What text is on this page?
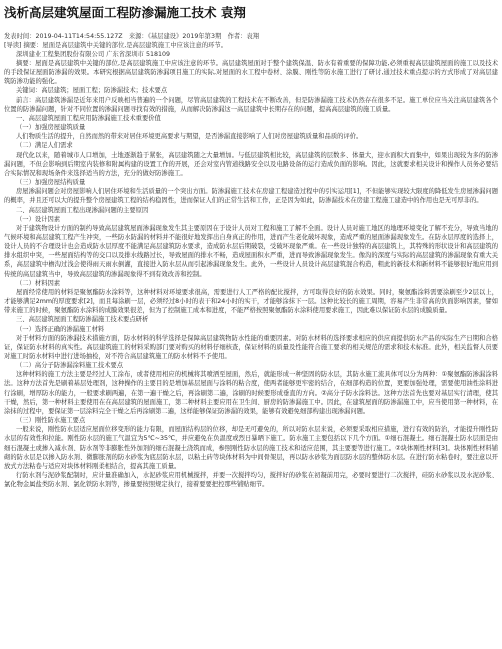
浅析高层建筑屋面工程防渗漏施工技术 袁翔
发表时间：2019-04-11T14:54:55.127Z　来源：《基层建设》2019年第3期　作者：袁翔
[导读] 摘要：屋面是高层建筑中关键的部位,是高层建筑施工中应该注意的环节。
深圳建业工程集团股份有限公司 广东省深圳市 518109
摘要：屋面是高层建筑中关键的部位,是高层建筑施工中应该注意的环节。高层建筑屋面对于整个建筑保温、防水有着重要的保障功能,必须重视高层建筑屋面的施工以及技术的手段保证屋面防渗漏的效果。本研究根据高层建筑防渗漏项目施工的实际,对屋面的水工程中卷材、涂膜、刚性等防水施工进行了研讨,通过技术重点提示的方式形成了对高层建筑防渗功能的强化。
关键词：高层建筑；屋面工程；防渗漏技术；技术要点
前言：高层建筑渗漏是近年来用户反映相当普遍的一个问题，尽管高层建筑的工程技术在不断改善，但是防渗漏施工技术仍然存在很多不足。施工单位应当关注高层建筑各个位置的防渗漏问题，针对不同位置的渗漏问题寻找有效的措施，从而解决防渗漏这一高层建筑中长期存在的问题，提高高层建筑的施工质量。
一、高层建筑屋面工程应用防渗漏施工技术重要价值
（一）加强房屋建筑质量
人们物质生活的提升，自然而然的带来对居住环境更高要求与期望，是否渗漏直接影响了人们对房屋建筑质量和品质的评价。
（二）满足人们需求
现代化以来，随着城市人口增加，土地逐渐趋于紧张，高层建筑随之大量增加。与低层建筑相比较，高层建筑的层数多、体量大，迎水面积大而集中，如果出现较为多的防渗漏问题，不但会影响到后期室内装修和附属构建的设置工作的开展，还会对室内管道线路安全以及电路设备的运行造成负面的影响。因此，这就要求相关设计和操作人员务必要结合实际情况和现场条件来选择适当的方法，充分的做好防渗施工。
（三）加强房屋结构质量
房屋渗漏问题会对房屋影响人们居住环境和生活质量的一个突出方面。防渗漏施工技术在房建工程建造过程中的引实运用[1]，不但能够实现较大限度的降低发生房屋渗漏问题的概率，并且还可以大的提升整个房屋建筑工程的结构稳固性，进而保证人们的正常生活和工作，正是因为如此，防渗漏技术在房建工程施工建造中的作用也是无可厚非的。
二、高层建筑屋面工程出现渗漏问题的主要原因
（一）设计因素
对于建筑物设计方面的制约导致高层建筑屋面渗漏现象发生其主要原因在于设计人员对工程和施工了解不全面。设计人员对施工地区的地理环境变化了解不充分，导致当地的气候环境和高层建筑工程产生冲突，一些防水防漏的材料并不能很好地发挥出自身真正的作用，进而产生老化破坏现象，造成严重的屋面渗漏现象发生。在防水层厚度的选择上，设计人员的不合理设计也会造成防水层厚度不能满足高层建筑防水要求，造成防水层后期破裂，受破坏现象严重。在一些设计独特的高层建筑上，其特殊的形状设计和高层建筑的排水组织中突，一些屋面结构等的交口以及排水线路过长，导致屋面的排水不畅，造成屋面积水严重，进而导致渗漏现象发生。像沟的深度与实际的高层建筑的渗漏现象有重大关系，高层建筑中檐沟过浅会使得雨天雨水倒灌，直接进入防水层从而引起渗漏现象发生。此外，一些设计人员设计高层建筑混合构造，粗此的新技术和新材料不能够很好地应用到传统的高层建筑当中，导致高层建筑的渗漏现象得不到有效改善和控制。
（二）材料因素
屋面经常使用的材料是聚氨酯防水涂料等，这种材料对环境要求很高，需要进行人工严格的配比搅拌，方可取得良好的防水效果。同时，聚氨酯涂料需要涂刷至少2层以上，才能够满足2mm的厚度要求[2]，而且每涂刷一层，必须经过8小时的表干和24小时的实干，才能够涂抹下一层。这种比较长的施工周期，容易产生非常高的负面影响因素，譬如带来施工的时候，聚氨酯防水涂料的成膜效果很差，但为了控制施工成本和进度，不能严格按照聚氨酯防水涂料使用要求施工，因此难以保证防水层的成膜质量。
三、高层建筑屋面工程防渗漏施工技术要点研析
（一）选择正确的渗漏施工材料
对于材料方面的防渗漏技术措施方面，防水材料的科学选择是保障高层建筑物防水性能的重要因素。对防水材料的选择要求相应的供应商提供防水产品的实际生产日期和合格证，保证防水材料的真实性。高层建筑施工的材料采购部门要对购买的材料仔细核查，保证材料的质量及性能符合施工要求的相关规范的需求和技术标准。此外，相关监督人员要对施工时防水材料中进行进场抽检，对不符合高层建筑施工的防水材料不予使用。
（二）高分子防渗漏涂料施工技术要点
这种材料的施工方法主要是经过人工涂布，或者使用相应的机械将其喷洒至屋面，然后，就能形成一种坚固的防水层，其防水施工流具体可以分为两种：①聚氨酯防渗漏涂料法。这种方法首先是刷着基层处理剂，这种操作的主要目的是增加基层屋面与涂料的粘合度，使两者能够更牢密的结合，在细部构造的位置，更要加强处理，需要使用油性涂料进行涂刷，增厚防水的能力，一般要求刷两遍，在第一遍干燥之后，再涂刷第二遍，涂刷的时候要形成垂直的方向。②高分子防水涂料法。这种方法首先也要对基层实行清理，使其干燥，然后，第一种材料主要使用在在高层建筑的屋面施工，第二种材料主要应用在卫生间、厨房的防渗漏施工中。因此，在建筑屋面的防渗漏施工中，应当使用第一种材料，在涂抹的过程中，要保证第一层涂料完全干燥之后再涂刷第二遍，这样能够保证防渗漏的效果，能够有效避免细部构建出现渗漏问题。
（三）刚性防水施工要点
一般来说，刚性防水层适应屋面位移变形的能力有限，而屋面结构层的位移，却是无可避免的，所以对防水层来说，必须要采取相应措施，进行有效的防治，才能提升刚性防水层的有效性和拉能。刚性防水层的施工气温宜为5℃~35℃，并应避免在负温度或烈日暴晒下施工。防水施工主要包括以下几个方面。①细石混凝土。细石混凝土防水层面是由细石混凝土或掺入减水剂、防水剂等非膨胀性外加剂的细石混凝土浇筑而成，参照刚性防水层的施工技术和适应范围，其主要要等进行施工。②块体刚性材料[3]。块体刚性材料铺砌的防水层是以掺入防水剂、微膨胀剂的防水砂浆为底层防水层，以粘土砖等块体材料为中间骨架层，再以防水砂浆为面层防水层的整体防水层。在进行防水粘卷时，要注意以开放式方法粘卷与适应对块体材料刚柔相结合，提高其施工质量。
行防水剂与泥砂浆配制时，应计量准确加入，水泥砂浆应用机械搅拌，并要一次搅拌均匀，搅拌好的砂浆在初凝前用完，必要时要进行二次搅拌，硅防水砂浆以及水泥砂浆、氯化物金属盐类防水剂、氯化铁防水剂等，掺量要按照规定执行，接着要要把控那些铺贴细节。
